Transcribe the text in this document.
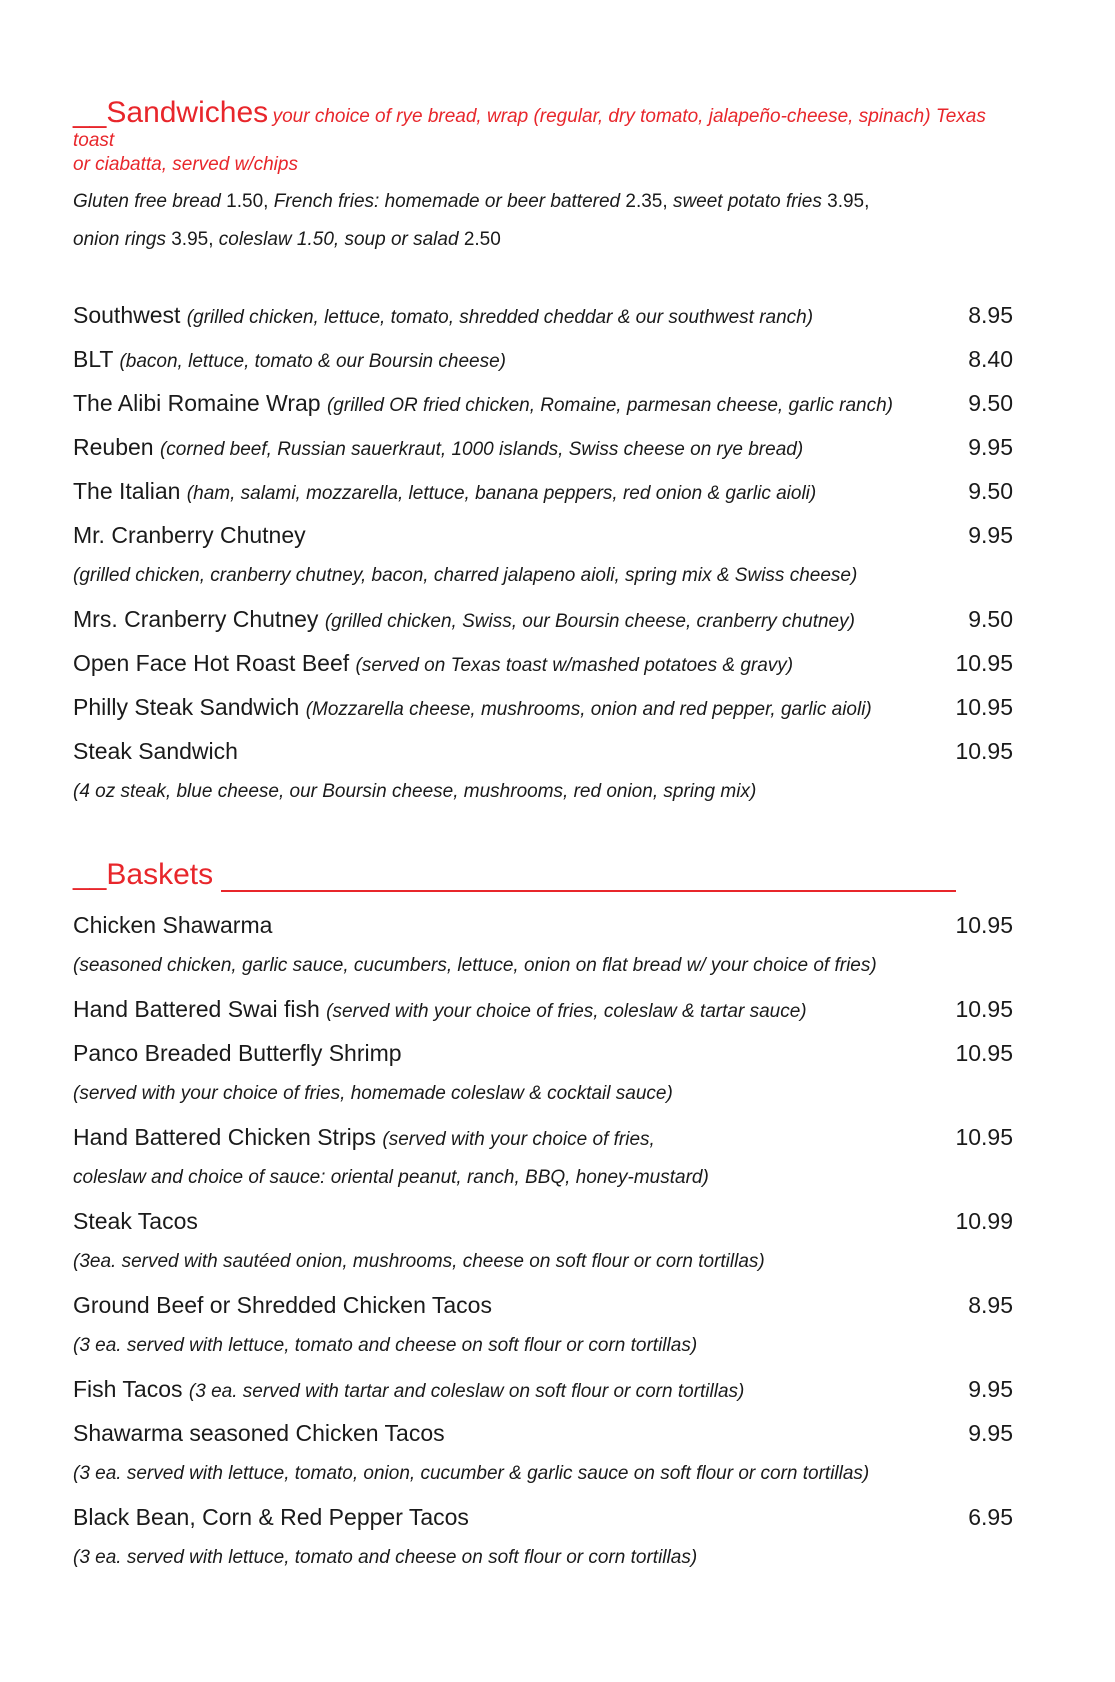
__Sandwiches your choice of rye bread, wrap (regular, dry tomato, jalapeño-cheese, spinach) Texas toast
or ciabatta, served w/chips
Gluten free bread 1.50, French fries: homemade or beer battered 2.35, sweet potato fries 3.95,
onion rings 3.95, coleslaw 1.50, soup or salad 2.50
Southwest (grilled chicken, lettuce, tomato, shredded cheddar & our southwest ranch)	8.95
BLT (bacon, lettuce, tomato & our Boursin cheese)	8.40
The Alibi Romaine Wrap (grilled OR fried chicken, Romaine, parmesan cheese, garlic ranch)	9.50
Reuben (corned beef, Russian sauerkraut, 1000 islands, Swiss cheese on rye bread)	9.95
The Italian (ham, salami, mozzarella, lettuce, banana peppers, red onion & garlic aioli)	9.50
Mr. Cranberry Chutney	9.95
(grilled chicken, cranberry chutney, bacon, charred jalapeno aioli, spring mix & Swiss cheese)
Mrs. Cranberry Chutney (grilled chicken, Swiss, our Boursin cheese, cranberry chutney)	9.50
Open Face Hot Roast Beef (served on Texas toast w/mashed potatoes & gravy)	10.95
Philly Steak Sandwich (Mozzarella cheese, mushrooms, onion and red pepper, garlic aioli)	10.95
Steak Sandwich	10.95
(4 oz steak, blue cheese, our Boursin cheese, mushrooms, red onion, spring mix)
__Baskets
Chicken Shawarma	10.95
(seasoned chicken, garlic sauce, cucumbers, lettuce, onion on flat bread w/ your choice of fries)
Hand Battered Swai fish (served with your choice of fries, coleslaw & tartar sauce)	10.95
Panco Breaded Butterfly Shrimp	10.95
(served with your choice of fries, homemade coleslaw & cocktail sauce)
Hand Battered Chicken Strips (served with your choice of fries,	10.95
coleslaw and choice of sauce: oriental peanut, ranch, BBQ, honey-mustard)
Steak Tacos	10.99
(3ea. served with sautéed onion, mushrooms, cheese on soft flour or corn tortillas)
Ground Beef or Shredded Chicken Tacos	8.95
(3 ea. served with lettuce, tomato and cheese on soft flour or corn tortillas)
Fish Tacos (3 ea. served with tartar and coleslaw on soft flour or corn tortillas)	9.95
Shawarma seasoned Chicken Tacos	9.95
(3 ea. served with lettuce, tomato, onion, cucumber & garlic sauce on soft flour or corn tortillas)
Black Bean, Corn & Red Pepper Tacos	6.95
(3 ea. served with lettuce, tomato and cheese on soft flour or corn tortillas)
